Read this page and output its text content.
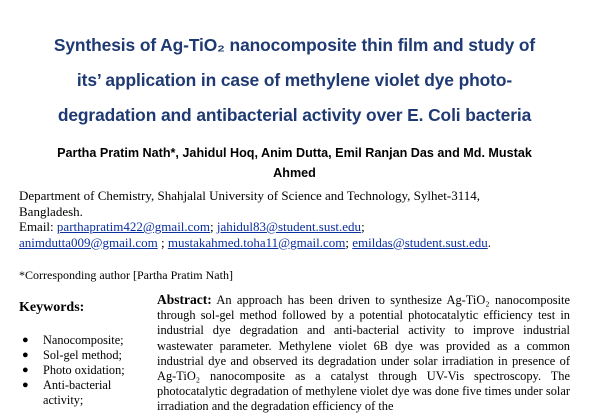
Synthesis of Ag-TiO₂ nanocomposite thin film and study of
its’ application in case of methylene violet dye photo-
degradation and antibacterial activity over E. Coli bacteria
Partha Pratim Nath*, Jahidul Hoq, Anim Dutta, Emil Ranjan Das and Md. Mustak
Ahmed
Department of Chemistry, Shahjalal University of Science and Technology, Sylhet-3114,
Bangladesh.
Email: parthapratim422@gmail.com; jahidul83@student.sust.edu;
animdutta009@gmail.com ; mustakahmed.toha11@gmail.com; emildas@student.sust.edu.
*Corresponding author [Partha Pratim Nath]
Keywords:
● Nanocomposite;
● Sol-gel method;
● Photo oxidation;
● Anti-bacterial activity;
Abstract: An approach has been driven to synthesize Ag-TiO₂ nanocomposite through sol-gel method followed by a potential photocatalytic efficiency test in industrial dye degradation and anti-bacterial activity to improve industrial wastewater parameter. Methylene violet 6B dye was provided as a common industrial dye and observed its degradation under solar irradiation in presence of Ag-TiO₂ nanocomposite as a catalyst through UV-Vis spectroscopy. The photocatalytic degradation of methylene violet dye was done five times under solar irradiation and the degradation efficiency of the
